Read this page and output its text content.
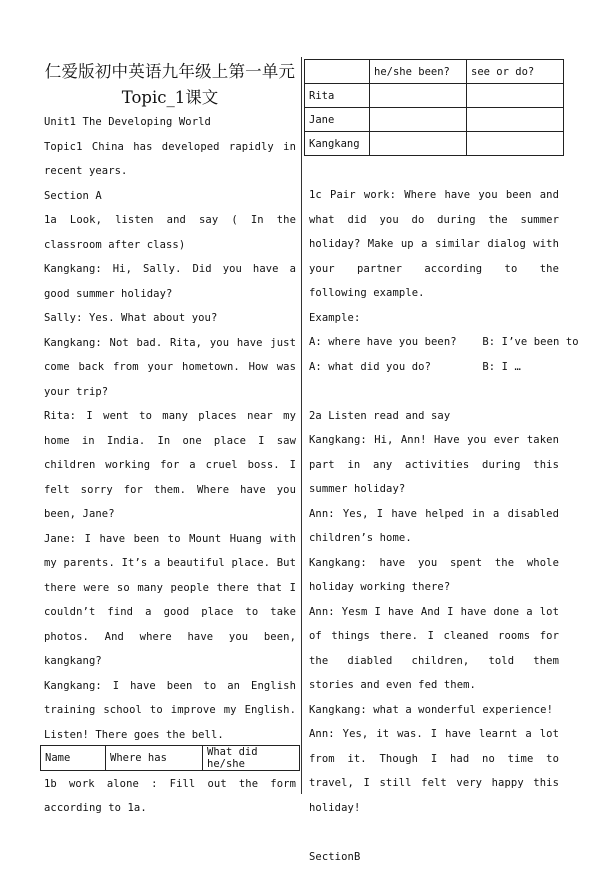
仁爱版初中英语九年级上第一单元
Topic_1课文

Unit1 The Developing World

Topic1 China has developed rapidly in recent years.

Section A

1a Look, listen and say ( In the classroom after class)

Kangkang: Hi, Sally. Did you have a good summer holiday?

Sally: Yes. What about you?

Kangkang: Not bad. Rita, you have just come back from your hometown. How was your trip?

Rita: I went to many places near my home in India. In one place I saw children working for a cruel boss. I felt sorry for them. Where have you been, Jane?

Jane: I have been to Mount Huang with my parents. It’s a beautiful place. But there were so many people there that I couldn’t find a good place to take photos. And where have you been, kangkang?

Kangkang: I have been to an English training school to improve my English. Listen! There goes the bell.

1b work alone : Fill out the form according to 1a.

Name	Where has	What did he/she
	he/she been?	see or do?
Rita		
Jane		
Kangkang		

1c Pair work: Where have you been and what did you do during the summer holiday? Make up a similar dialog with your partner according to the following example.

Example:

A: where have you been?    B: I’ve been to

A: what did you do?        B: I …

2a Listen read and say

Kangkang: Hi, Ann! Have you ever taken part in any activities during this summer holiday?

Ann: Yes, I have helped in a disabled children’s home.

Kangkang: have you spent the whole holiday working there?

Ann: Yesm I have And I have done a lot of things there. I cleaned rooms for the diabled children, told them stories and even fed them.

Kangkang: what a wonderful experience!

Ann: Yes, it was. I have learnt a lot from it. Though I had no time to travel, I still felt very happy this holiday!

SectionB
